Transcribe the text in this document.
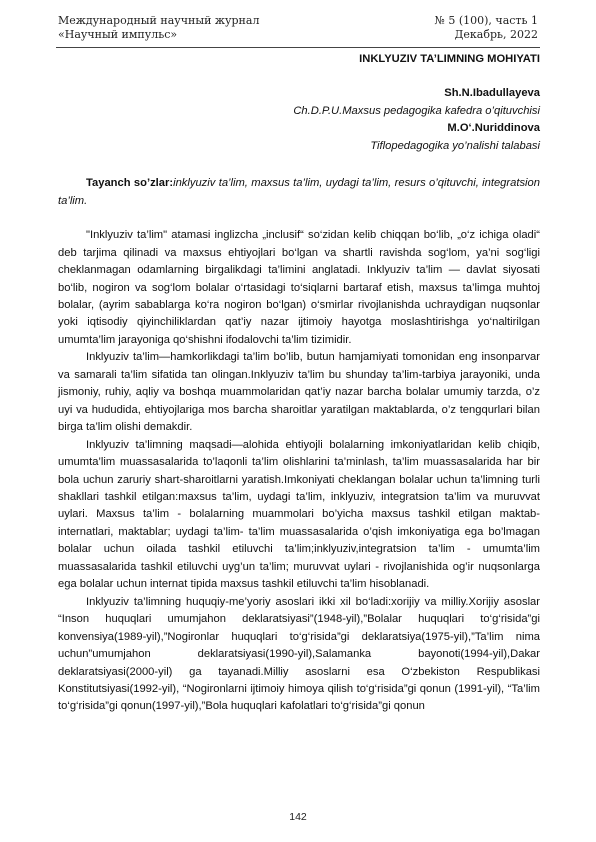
Международный научный журнал	№ 5 (100), часть 1
«Научный импульс»	Декабрь, 2022

INKLYUZIV TA’LIMNING MOHIYATI

Sh.N.Ibadullayeva

Ch.D.P.U.Maxsus pedagogika kafedra o’qituvchisi

M.O‘.Nuriddinova

Tiflopedagogika yo’nalishi talabasi

Tayanch so’zlar:inklyuziv ta’lim, maxsus ta’lim, uydagi ta’lim, resurs o’qituvchi, integratsion ta’lim.

"Inklyuziv ta’lim" atamasi inglizcha „inclusif“ so‘zidan kelib chiqqan bo‘lib, „o‘z ichiga oladi“ deb tarjima qilinadi va maxsus ehtiyojlari bo‘lgan va shartli ravishda sog‘lom, ya’ni sog‘ligi cheklanmagan odamlarning birgalikdagi ta’limini anglatadi. Inklyuziv ta’lim — davlat siyosati bo‘lib, nogiron va sog‘lom bolalar o‘rtasidagi to‘siqlarni bartaraf etish, maxsus ta’limga muhtoj bolalar, (ayrim sabablarga ko‘ra nogiron bo‘lgan) o‘smirlar rivojlanishda uchraydigan nuqsonlar yoki iqtisodiy qiyinchiliklardan qat’iy nazar ijtimoiy hayotga moslashtirishga yo‘naltirilgan umumta’lim jarayoniga qo‘shishni ifodalovchi ta’lim tizimidir.

Inklyuziv ta’lim—hamkorlikdagi ta’lim bo’lib, butun hamjamiyati tomonidan eng insonparvar va samarali ta’lim sifatida tan olingan.Inklyuziv ta’lim bu shunday ta’lim-tarbiya jarayoniki, unda jismoniy, ruhiy, aqliy va boshqa muammolaridan qat’iy nazar barcha bolalar umumiy tarzda, o’z uyi va hududida, ehtiyojlariga mos barcha sharoitlar yaratilgan maktablarda, o’z tengqurlari bilan birga ta’lim olishi demakdir.

Inklyuziv ta’limning maqsadi—alohida ehtiyojli bolalarning imkoniyatlaridan kelib chiqib, umumta’lim muassasalarida to’laqonli ta’lim olishlarini ta’minlash, ta’lim muassasalarida har bir bola uchun zaruriy shart-sharoitlarni yaratish.Imkoniyati cheklangan bolalar uchun ta’limning turli shakllari tashkil etilgan:maxsus ta’lim, uydagi ta’lim, inklyuziv, integratsion ta’lim va muruvvat uylari. Maxsus ta’lim - bolalarning muammolari bo’yicha maxsus tashkil etilgan maktab-internatlari, maktablar; uydagi ta’lim- ta’lim muassasalarida o’qish imkoniyatiga ega bo’lmagan bolalar uchun oilada tashkil etiluvchi ta’lim;inklyuziv,integratsion ta’lim - umumta’lim muassasalarida tashkil etiluvchi uyg’un ta’lim; muruvvat uylari - rivojlanishida og’ir nuqsonlarga ega bolalar uchun internat tipida maxsus tashkil etiluvchi ta’lim hisoblanadi.

Inklyuziv ta’limning huquqiy-me’yoriy asoslari ikki xil bo‘ladi:xorijiy va milliy.Xorijiy asoslar “Inson huquqlari umumjahon deklaratsiyasi”(1948-yil),”Bolalar huquqlari to‘g‘risida”gi konvensiya(1989-yil),”Nogironlar huquqlari to‘g‘risida”gi deklaratsiya(1975-yil),”Ta’lim nima uchun”umumjahon deklaratsiyasi(1990-yil),Salamanka bayonoti(1994-yil),Dakar deklaratsiyasi(2000-yil) ga tayanadi.Milliy asoslarni esa O‘zbekiston Respublikasi Konstitutsiyasi(1992-yil), “Nogironlarni ijtimoiy himoya qilish to‘g‘risida”gi qonun (1991-yil), “Ta’lim to‘g‘risida”gi qonun(1997-yil),”Bola huquqlari kafolatlari to‘g‘risida”gi qonun

142
